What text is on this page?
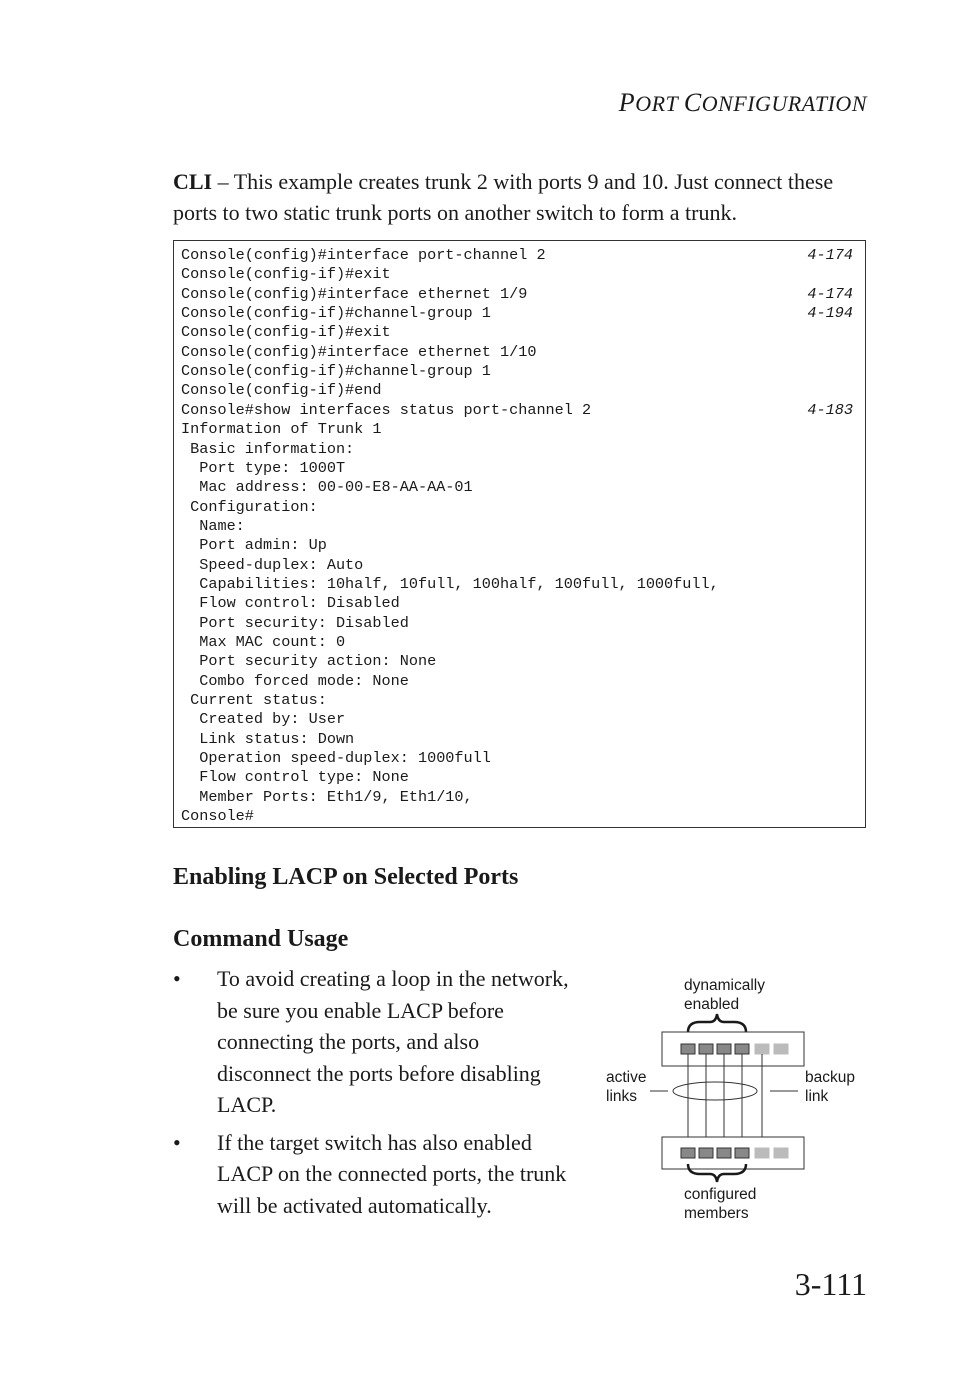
PORT CONFIGURATION
CLI – This example creates trunk 2 with ports 9 and 10. Just connect these ports to two static trunk ports on another switch to form a trunk.
Console(config)#interface port-channel 2	4-174
Console(config-if)#exit
Console(config)#interface ethernet 1/9	4-174
Console(config-if)#channel-group 1	4-194
Console(config-if)#exit
Console(config)#interface ethernet 1/10
Console(config-if)#channel-group 1
Console(config-if)#end
Console#show interfaces status port-channel 2	4-183
Information of Trunk 1
Basic information:
Port type: 1000T
Mac address: 00-00-E8-AA-AA-01
Configuration:
Name:
Port admin: Up
Speed-duplex: Auto
Capabilities: 10half, 10full, 100half, 100full, 1000full,
Flow control: Disabled
Port security: Disabled
Max MAC count: 0
Port security action: None
Combo forced mode: None
Current status:
Created by: User
Link status: Down
Operation speed-duplex: 1000full
Flow control type: None
Member Ports: Eth1/9, Eth1/10,
Console#
Enabling LACP on Selected Ports
Command Usage
• To avoid creating a loop in the network, be sure you enable LACP before connecting the ports, and also disconnect the ports before disabling LACP.
• If the target switch has also enabled LACP on the connected ports, the trunk will be activated automatically.
dynamically
enabled
active
links
backup
link
configured
members
3-111
